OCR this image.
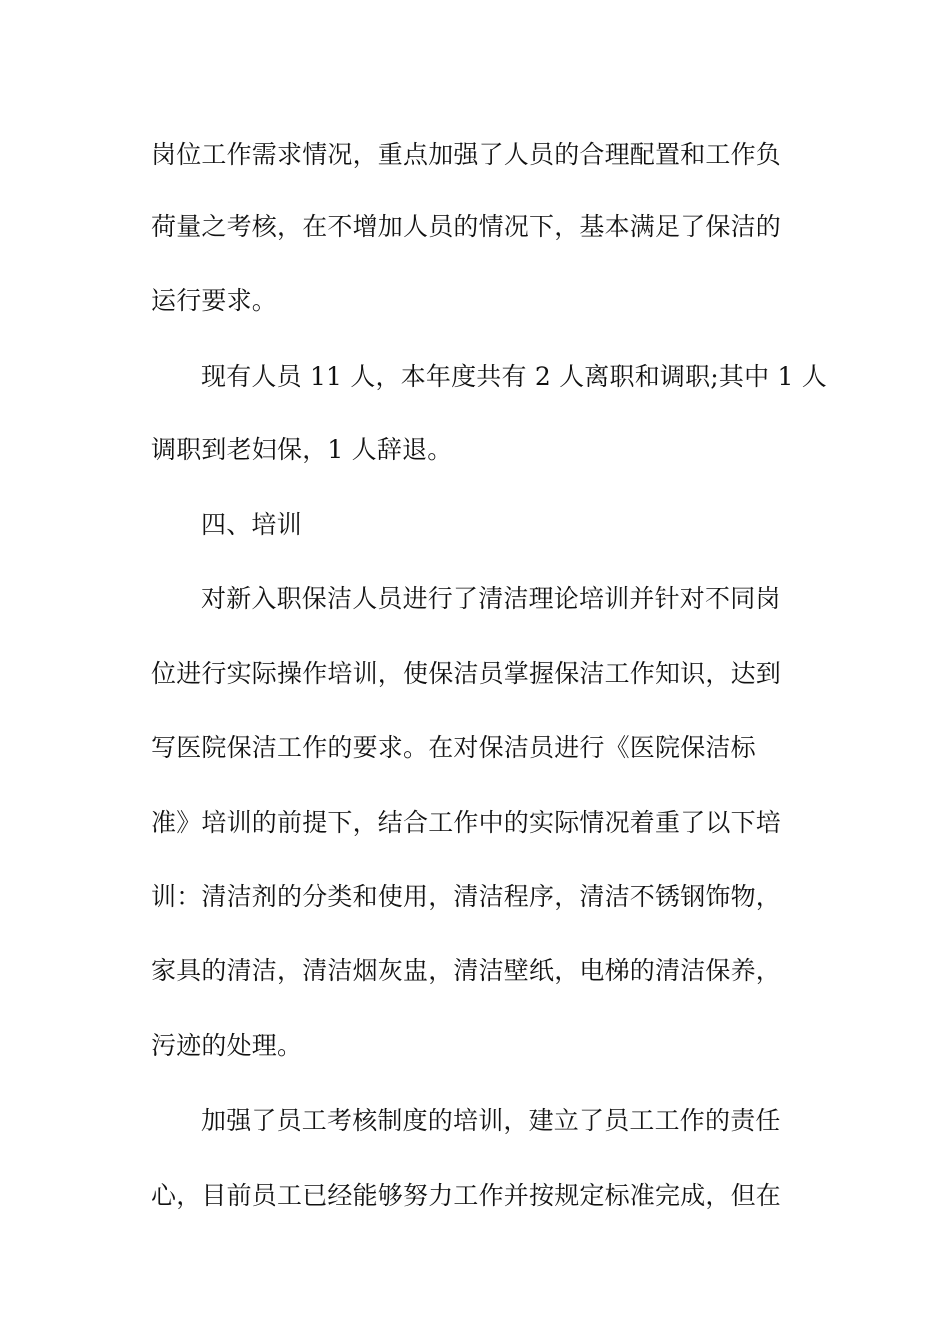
岗位工作需求情况，重点加强了人员的合理配置和工作负
荷量之考核，在不增加人员的情况下，基本满足了保洁的
运行要求。
现有人员 11 人，本年度共有 2 人离职和调职;其中 1 人
调职到老妇保，1 人辞退。
四、培训
对新入职保洁人员进行了清洁理论培训并针对不同岗
位进行实际操作培训，使保洁员掌握保洁工作知识，达到
写医院保洁工作的要求。在对保洁员进行《医院保洁标
准》培训的前提下，结合工作中的实际情况着重了以下培
训：清洁剂的分类和使用，清洁程序，清洁不锈钢饰物，
家具的清洁，清洁烟灰盅，清洁壁纸，电梯的清洁保养，
污迹的处理。
加强了员工考核制度的培训，建立了员工工作的责任
心，目前员工已经能够努力工作并按规定标准完成，但在
